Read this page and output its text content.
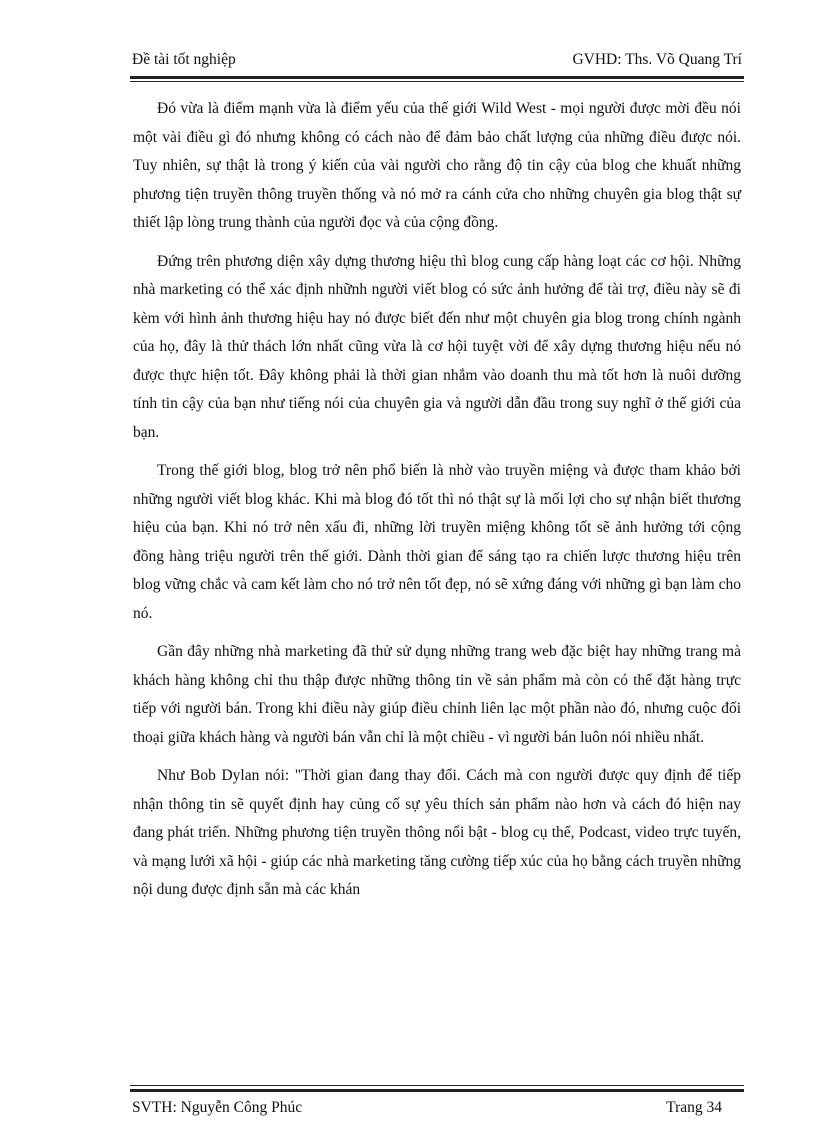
Đề tài tốt nghiệp	GVHD: Ths. Võ Quang Trí

Đó vừa là điểm mạnh vừa là điểm yếu của thế giới Wild West - mọi người được mời đều nói một vài điều gì đó nhưng không có cách nào để đảm bảo chất lượng của những điều được nói. Tuy nhiên, sự thật là trong ý kiến của vài người cho rằng độ tin cậy của blog che khuất những phương tiện truyền thông truyền thống và nó mở ra cánh cửa cho những chuyên gia blog thật sự thiết lập lòng trung thành của người đọc và của cộng đồng.

Đứng trên phương diện xây dựng thương hiệu thì blog cung cấp hàng loạt các cơ hội. Những nhà marketing có thể xác định nhữnh người viết blog có sức ảnh hưởng để tài trợ, điều này sẽ đi kèm với hình ảnh thương hiệu hay nó được biết đến như một chuyên gia blog trong chính ngành của họ, đây là thử thách lớn nhất cũng vừa là cơ hội tuyệt vời để xây dựng thương hiệu nếu nó được thực hiện tốt. Đây không phải là thời gian nhắm vào doanh thu mà tốt hơn là nuôi dưỡng tính tin cậy của bạn như tiếng nói của chuyên gia và người dẫn đầu trong suy nghĩ ở thế giới của bạn.

Trong thế giới blog, blog trở nên phổ biến là nhờ vào truyền miệng và được tham khảo bởi những người viết blog khác. Khi mà blog đó tốt thì nó thật sự là mối lợi cho sự nhận biết thương hiệu của bạn. Khi nó trở nên xấu đi, những lời truyền miệng không tốt sẽ ảnh hưởng tới cộng đồng hàng triệu người trên thế giới. Dành thời gian để sáng tạo ra chiến lược thương hiệu trên blog vững chắc và cam kết làm cho nó trở nên tốt đẹp, nó sẽ xứng đáng với những gì bạn làm cho nó.

Gần đây những nhà marketing đã thử sử dụng những trang web đặc biệt hay những trang mà khách hàng không chỉ thu thập được những thông tin về sản phẩm mà còn có thể đặt hàng trực tiếp với người bán. Trong khi điều này giúp điều chỉnh liên lạc một phần nào đó, nhưng cuộc đối thoại giữa khách hàng và người bán vẫn chỉ là một chiều - vì người bán luôn nói nhiều nhất.

Như Bob Dylan nói: "Thời gian đang thay đổi. Cách mà con người được quy định để tiếp nhận thông tin sẽ quyết định hay củng cố sự yêu thích sản phẩm nào hơn và cách đó hiện nay đang phát triển. Những phương tiện truyền thông nổi bật - blog cụ thể, Podcast, video trực tuyến, và mạng lưới xã hội - giúp các nhà marketing tăng cường tiếp xúc của họ bằng cách truyền những nội dung được định sẵn mà các khán

SVTH: Nguyễn Công Phúc	Trang 34
